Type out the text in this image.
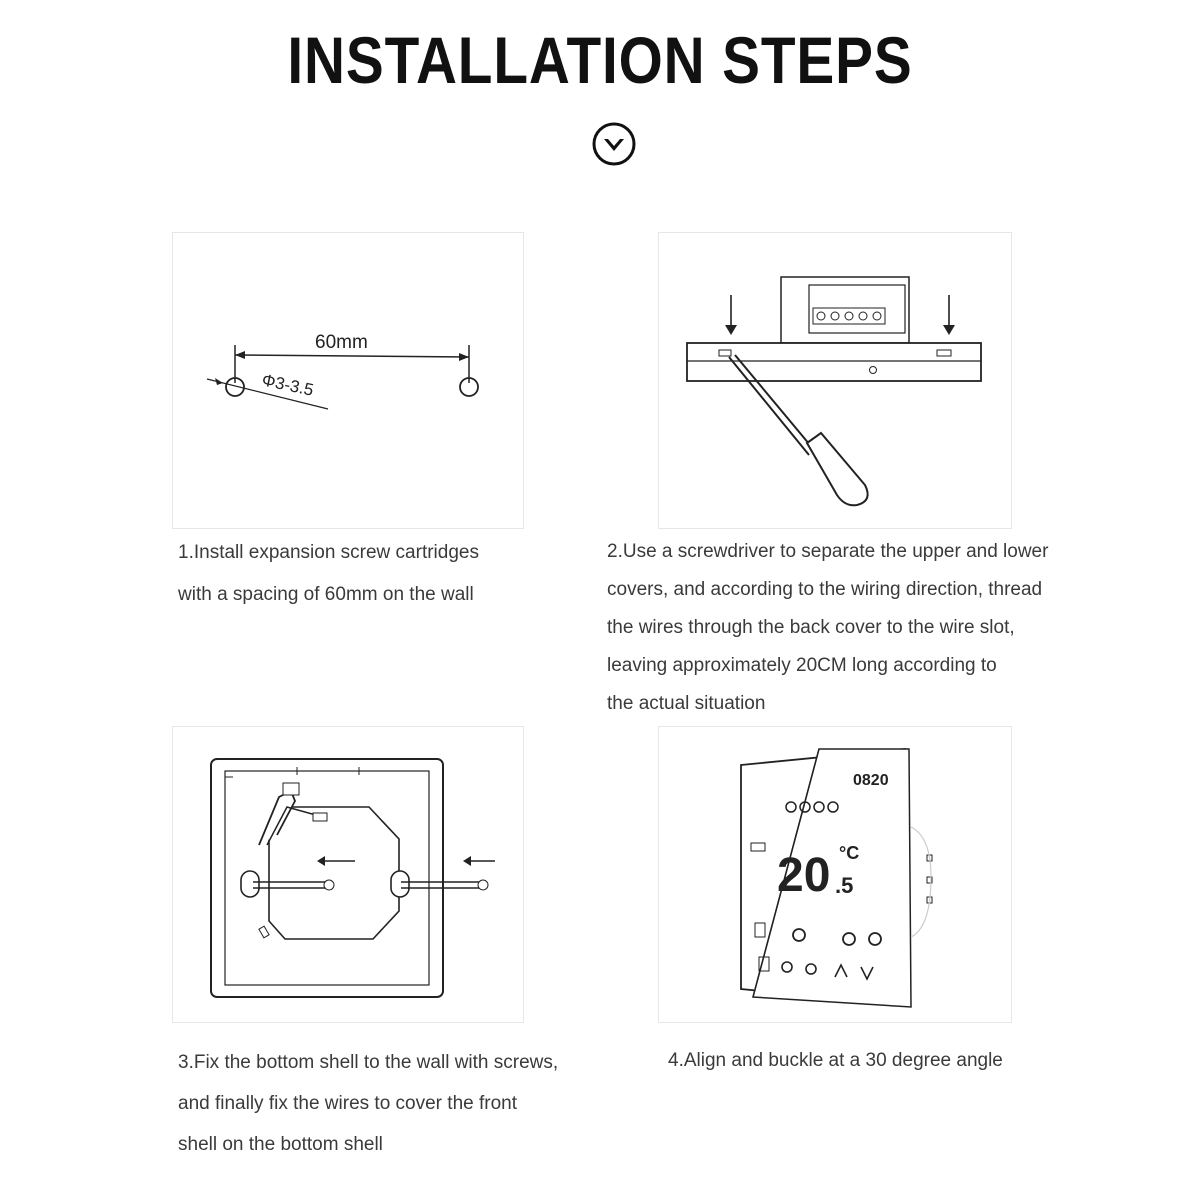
INSTALLATION STEPS
60mm
Φ3-3.5
0820
20 .5
°C

1.Install expansion screw cartridges

with a spacing of 60mm on the wall

2.Use a screwdriver to separate the upper and lower

covers, and according to the wiring direction, thread

the wires through the back cover to the wire slot,

leaving approximately 20CM long according to

the actual situation

3.Fix the bottom shell to the wall with screws,

and finally fix the wires to cover the front

shell on the bottom shell

4.Align and buckle at a 30 degree angle
